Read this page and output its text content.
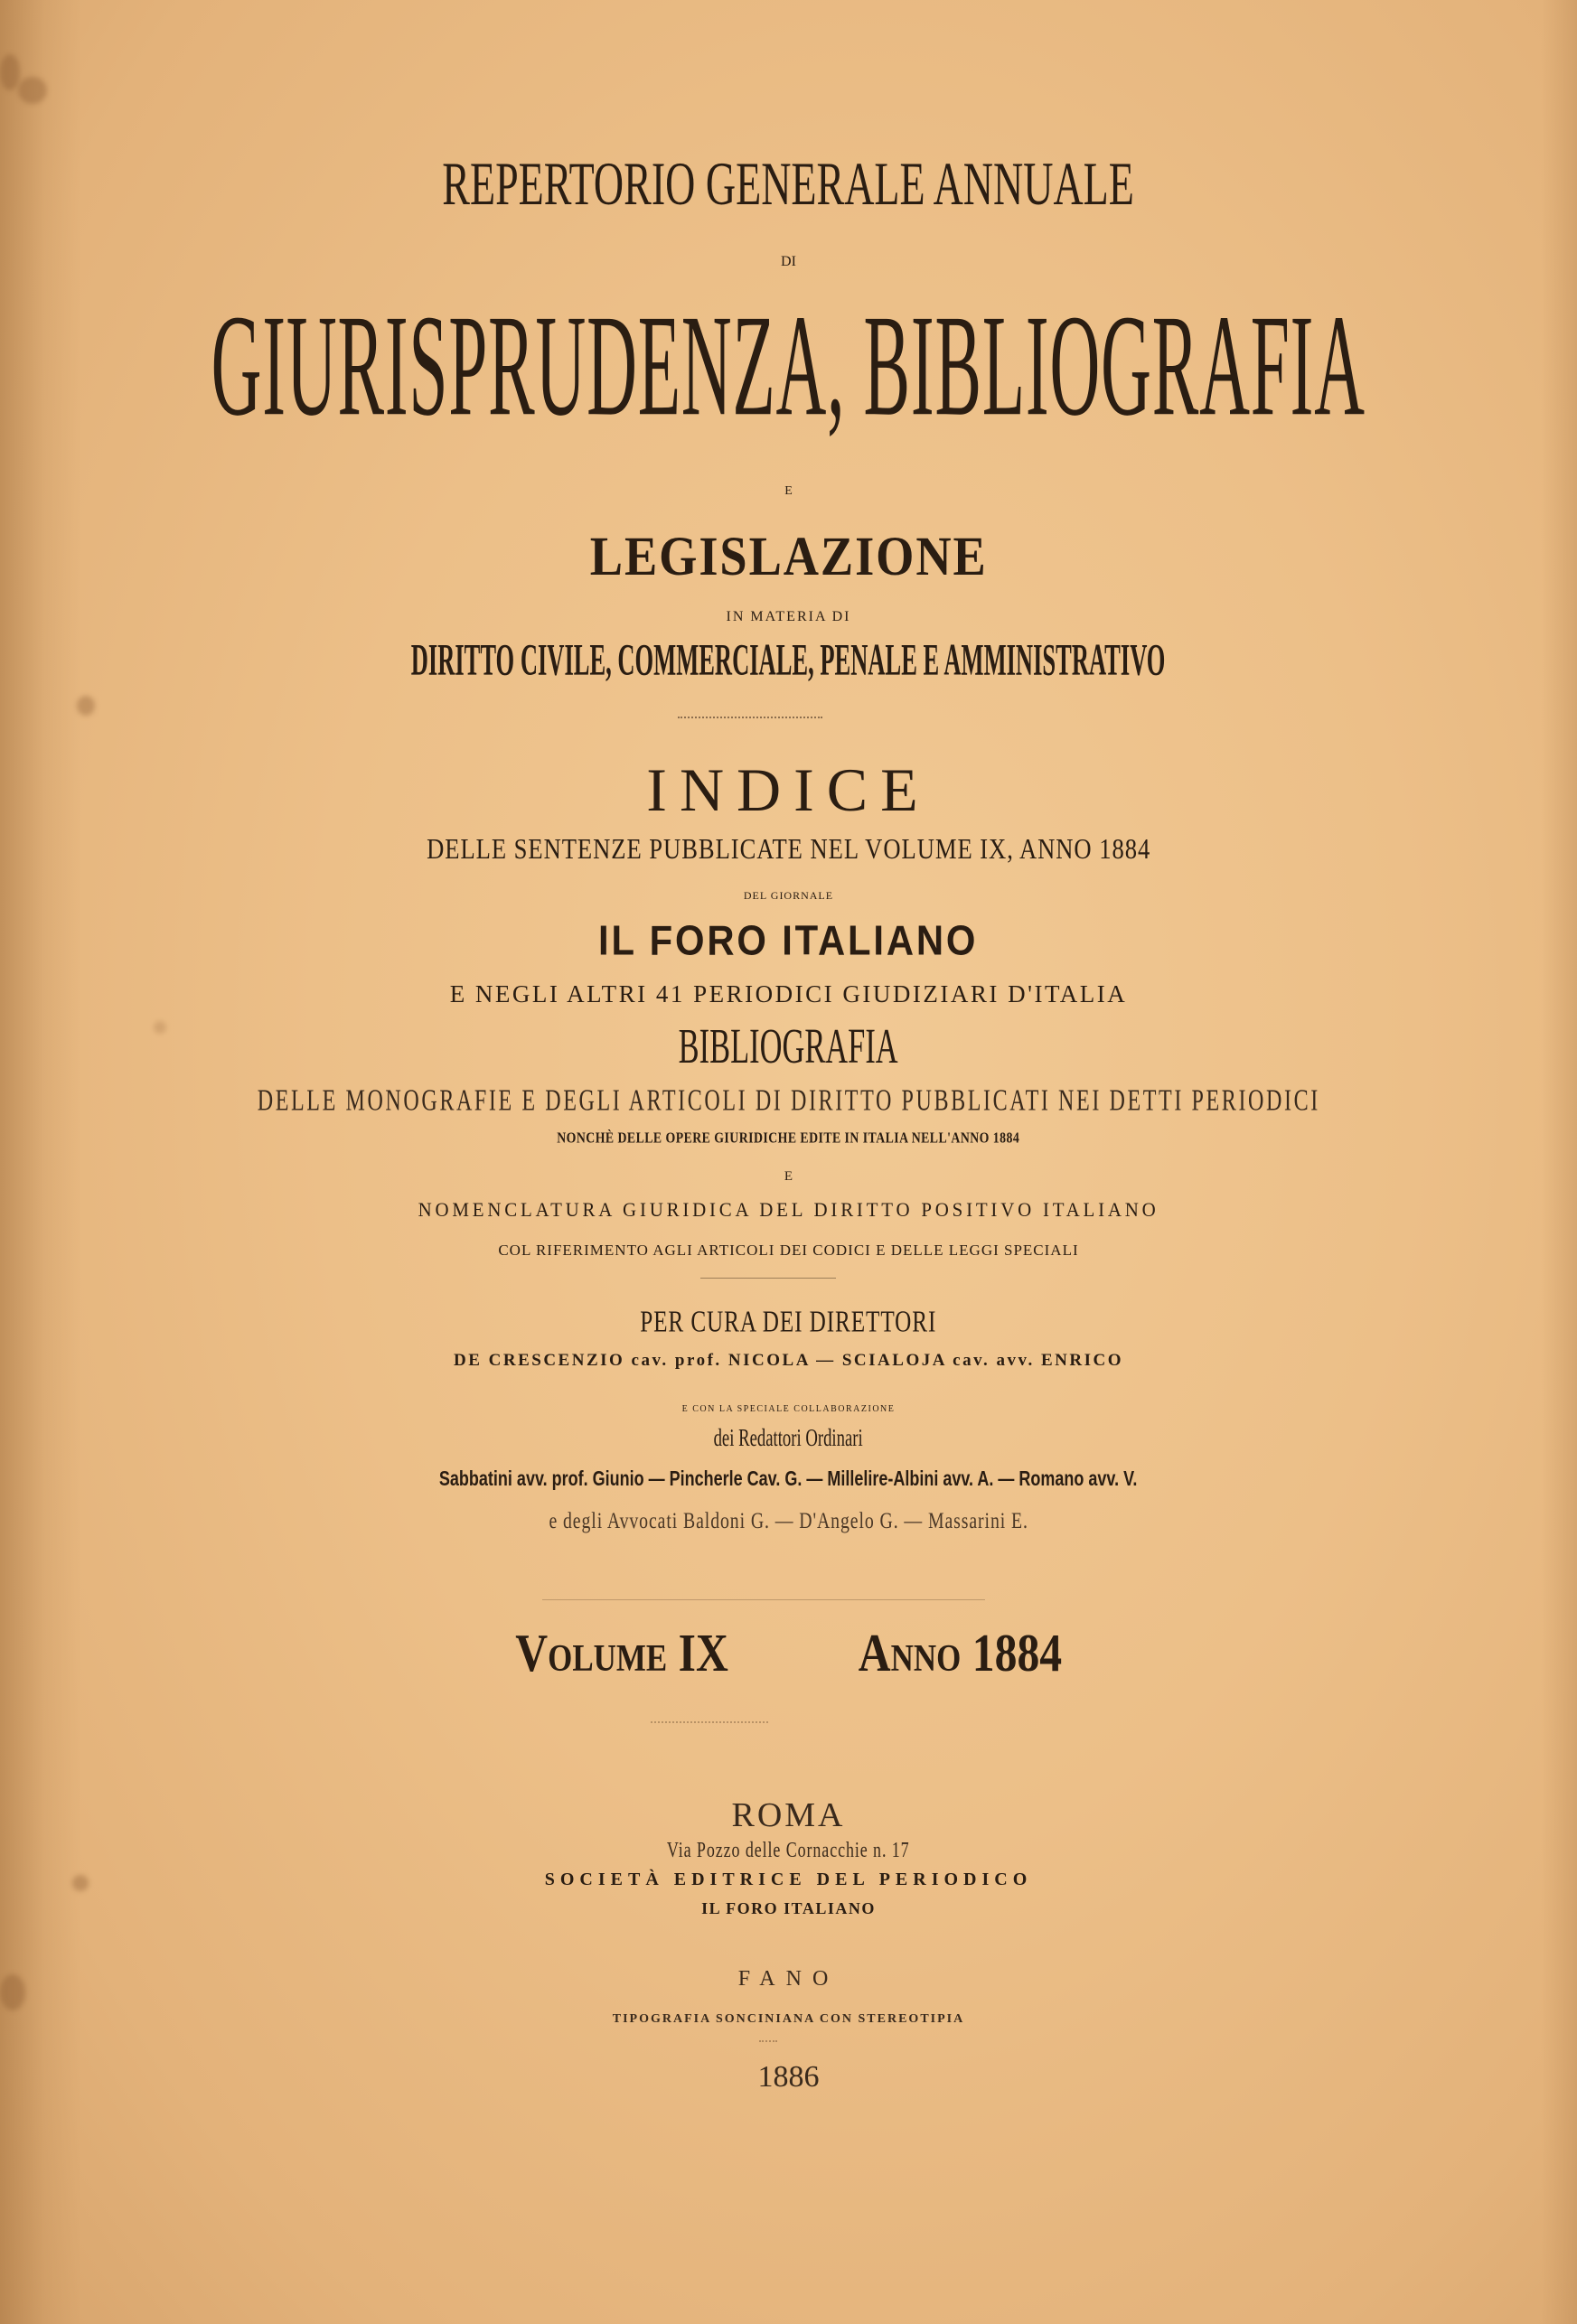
REPERTORIO GENERALE ANNUALE
DI
GIURISPRUDENZA, BIBLIOGRAFIA
E
LEGISLAZIONE
IN MATERIA DI
DIRITTO CIVILE, COMMERCIALE, PENALE E AMMINISTRATIVO
INDICE
DELLE SENTENZE PUBBLICATE NEL VOLUME IX, ANNO 1884
DEL GIORNALE
IL FORO ITALIANO
E NEGLI ALTRI 41 PERIODICI GIUDIZIARI D'ITALIA
BIBLIOGRAFIA
DELLE MONOGRAFIE E DEGLI ARTICOLI DI DIRITTO PUBBLICATI NEI DETTI PERIODICI
NONCHÈ DELLE OPERE GIURIDICHE EDITE IN ITALIA NELL'ANNO 1884
E
NOMENCLATURA GIURIDICA DEL DIRITTO POSITIVO ITALIANO
COL RIFERIMENTO AGLI ARTICOLI DEI CODICI E DELLE LEGGI SPECIALI
PER CURA DEI DIRETTORI
DE CRESCENZIO cav. prof. NICOLA — SCIALOJA cav. avv. ENRICO
E CON LA SPECIALE COLLABORAZIONE
dei Redattori Ordinari
Sabbatini avv. prof. Giunio — Pincherle Cav. G. — Millelire-Albini avv. A. — Romano avv. V.
e degli Avvocati Baldoni G. — D'Angelo G. — Massarini E.
Volume IX	Anno 1884
ROMA
Via Pozzo delle Cornacchie n. 17
SOCIETÀ EDITRICE DEL PERIODICO
IL FORO ITALIANO
FANO
TIPOGRAFIA SONCINIANA CON STEREOTIPIA
1886
